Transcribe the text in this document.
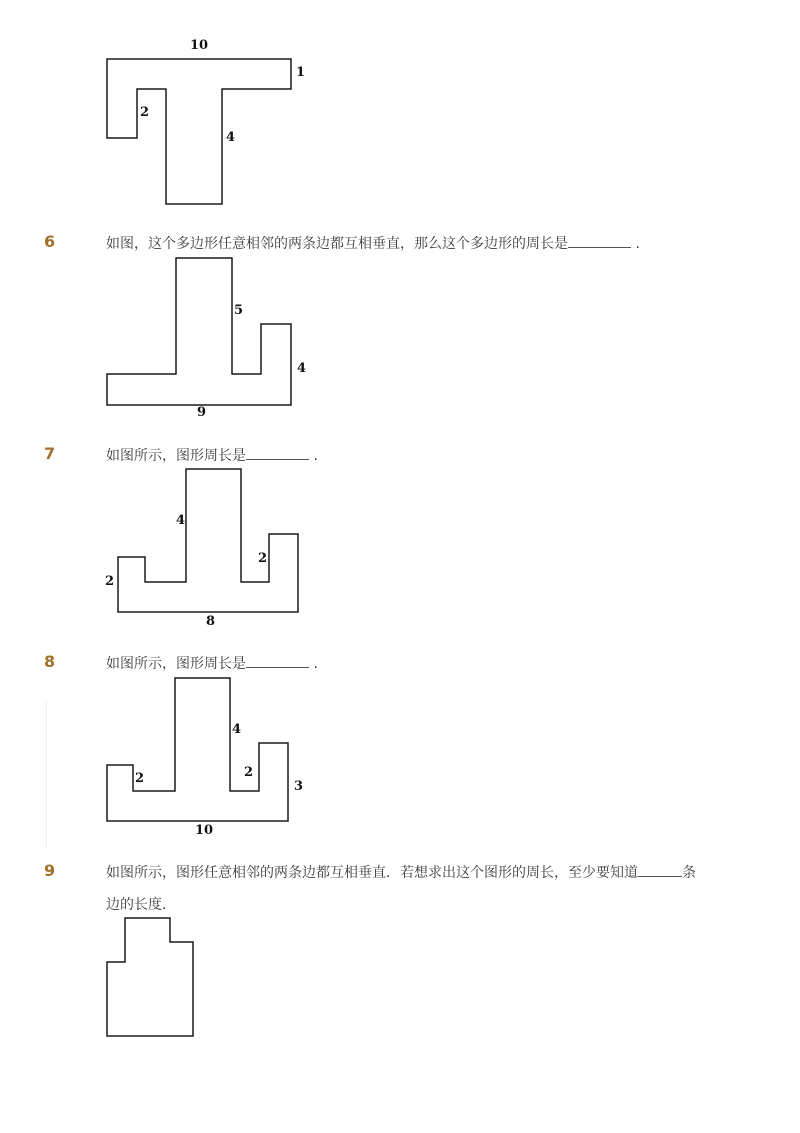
10
1
2
4
6	如图，这个多边形任意相邻的两条边都互相垂直，那么这个多边形的周长是	.
5
4
9
7	如图所示，图形周长是	.
4
2
2
8
8	如图所示，图形周长是	.
4
2	2
3
10
9	如图所示，图形任意相邻的两条边都互相垂直．若想求出这个图形的周长，至少要知道	条
边的长度．
